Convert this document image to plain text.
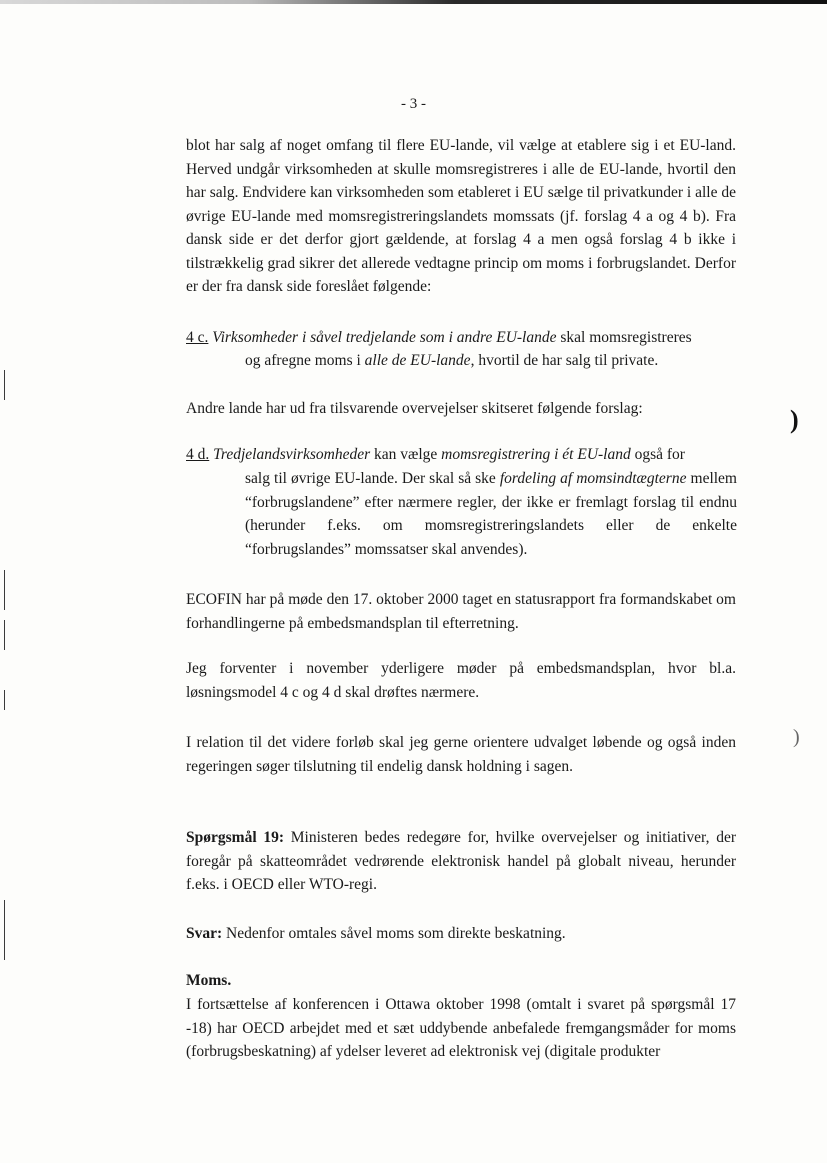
)
)
- 3 -
blot har salg af noget omfang til flere EU-lande, vil vælge at etablere sig i et EU-land. Herved undgår virksomheden at skulle momsregistreres i alle de EU-lande, hvortil den har salg. Endvidere kan virksomheden som etableret i EU sælge til privatkunder i alle de øvrige EU-lande med momsregistreringslandets momssats (jf. forslag 4 a og 4 b). Fra dansk side er det derfor gjort gældende, at forslag 4 a men også forslag 4 b ikke i tilstrækkelig grad sikrer det allerede vedtagne princip om moms i forbrugslandet. Derfor er der fra dansk side foreslået følgende:
4 c. Virksomheder i såvel tredjelande som i andre EU-lande skal momsregistreres
og afregne moms i alle de EU-lande, hvortil de har salg til private.
Andre lande har ud fra tilsvarende overvejelser skitseret følgende forslag:
4 d. Tredjelandsvirksomheder kan vælge momsregistrering i ét EU-land også for
salg til øvrige EU-lande. Der skal så ske fordeling af momsindtægterne mellem “forbrugslandene” efter nærmere regler, der ikke er fremlagt forslag til endnu (herunder f.eks. om momsregistreringslandets eller de enkelte “forbrugslandes” momssatser skal anvendes).
ECOFIN har på møde den 17. oktober 2000 taget en statusrapport fra formandskabet om forhandlingerne på embedsmandsplan til efterretning.
Jeg forventer i november yderligere møder på embedsmandsplan, hvor bl.a. løsningsmodel 4 c og 4 d skal drøftes nærmere.
I relation til det videre forløb skal jeg gerne orientere udvalget løbende og også inden regeringen søger tilslutning til endelig dansk holdning i sagen.
Spørgsmål 19: Ministeren bedes redegøre for, hvilke overvejelser og initiativer, der foregår på skatteområdet vedrørende elektronisk handel på globalt niveau, herunder f.eks. i OECD eller WTO-regi.
Svar: Nedenfor omtales såvel moms som direkte beskatning.
Moms.
I fortsættelse af konferencen i Ottawa oktober 1998 (omtalt i svaret på spørgsmål 17 -18) har OECD arbejdet med et sæt uddybende anbefalede fremgangsmåder for moms (forbrugsbeskatning) af ydelser leveret ad elektronisk vej (digitale produkter
